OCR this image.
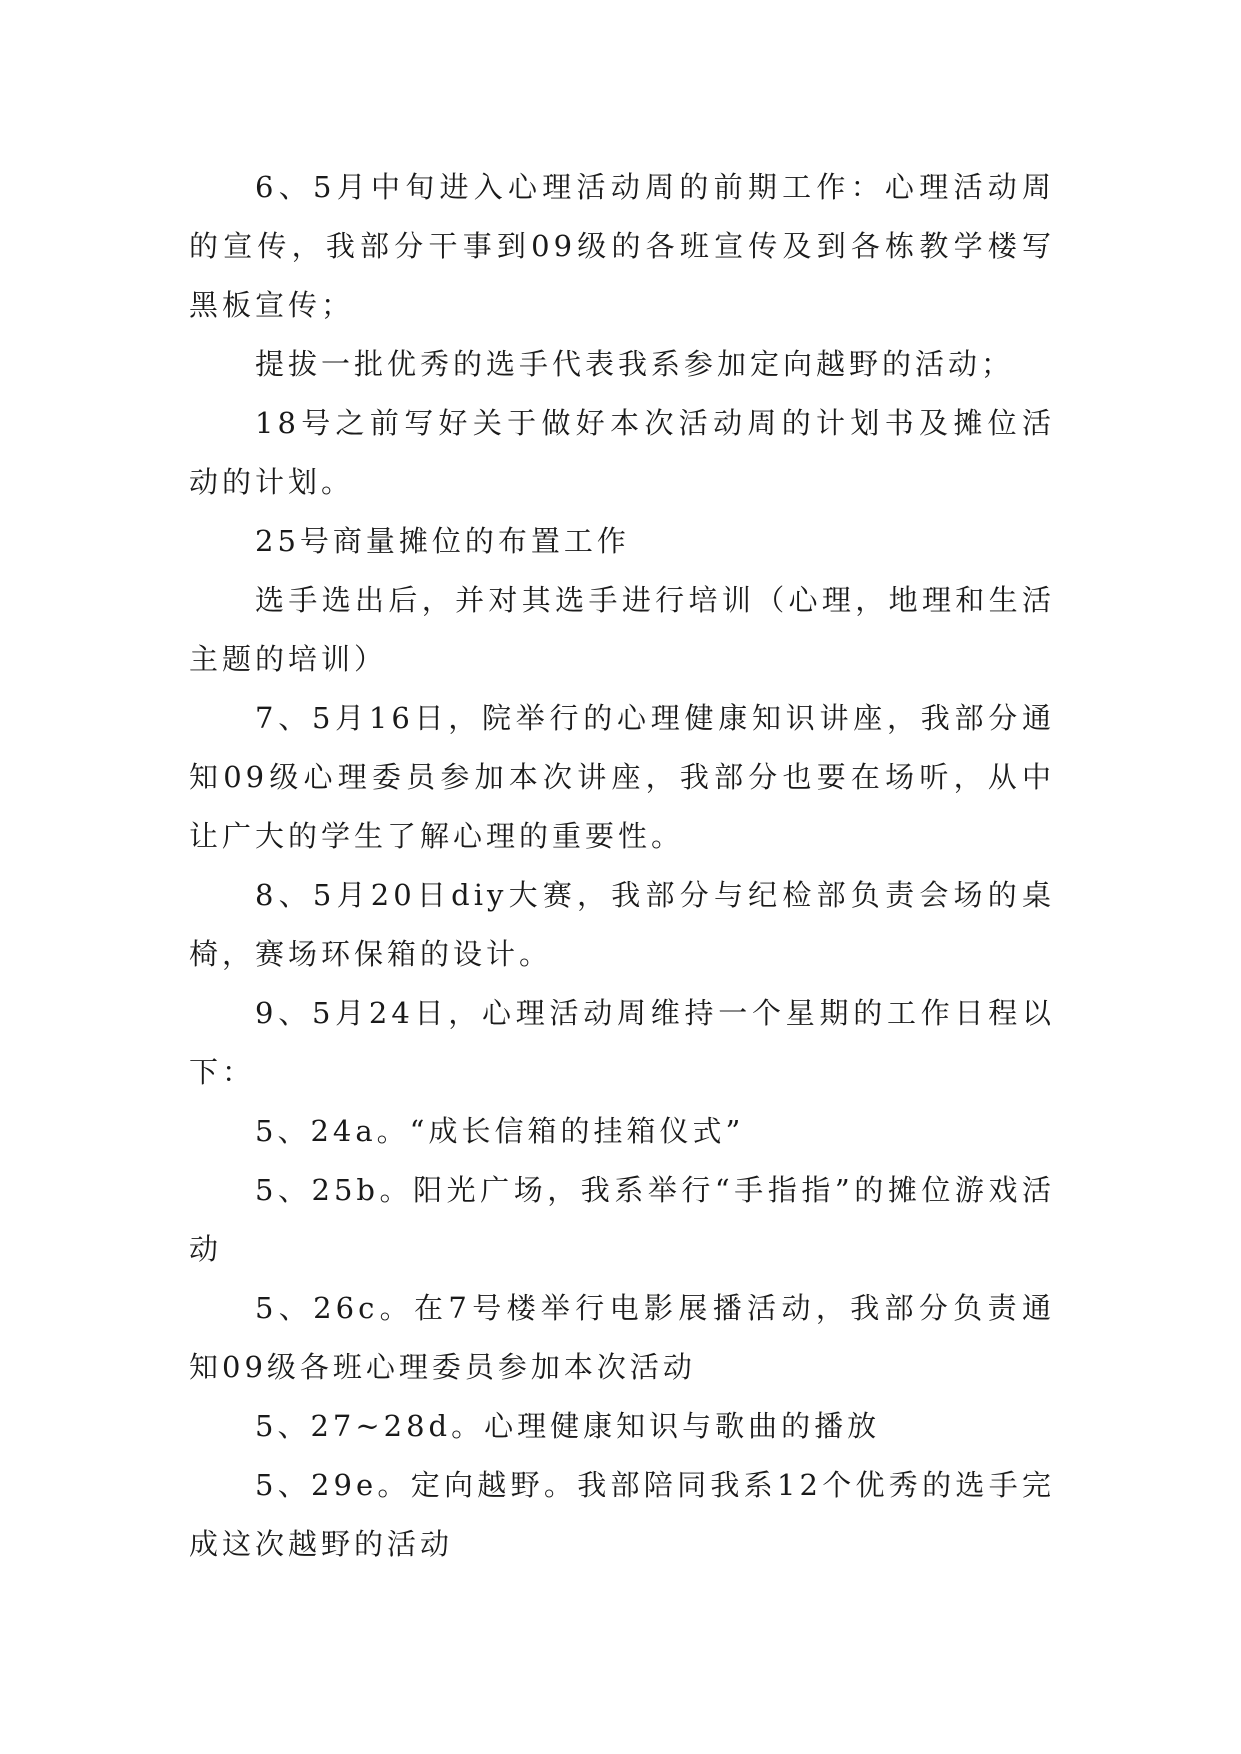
6、5月中旬进入心理活动周的前期工作：心理活动周的宣传，我部分干事到09级的各班宣传及到各栋教学楼写黑板宣传；

提拔一批优秀的选手代表我系参加定向越野的活动；

18号之前写好关于做好本次活动周的计划书及摊位活动的计划。

25号商量摊位的布置工作

选手选出后，并对其选手进行培训（心理，地理和生活主题的培训）

7、5月16日，院举行的心理健康知识讲座，我部分通知09级心理委员参加本次讲座，我部分也要在场听，从中让广大的学生了解心理的重要性。

8、5月20日diy大赛，我部分与纪检部负责会场的桌椅，赛场环保箱的设计。

9、5月24日，心理活动周维持一个星期的工作日程以下：

5、24a。“成长信箱的挂箱仪式”

5、25b。阳光广场，我系举行“手指指”的摊位游戏活动

5、26c。在7号楼举行电影展播活动，我部分负责通知09级各班心理委员参加本次活动

5、27~28d。心理健康知识与歌曲的播放

5、29e。定向越野。我部陪同我系12个优秀的选手完成这次越野的活动
